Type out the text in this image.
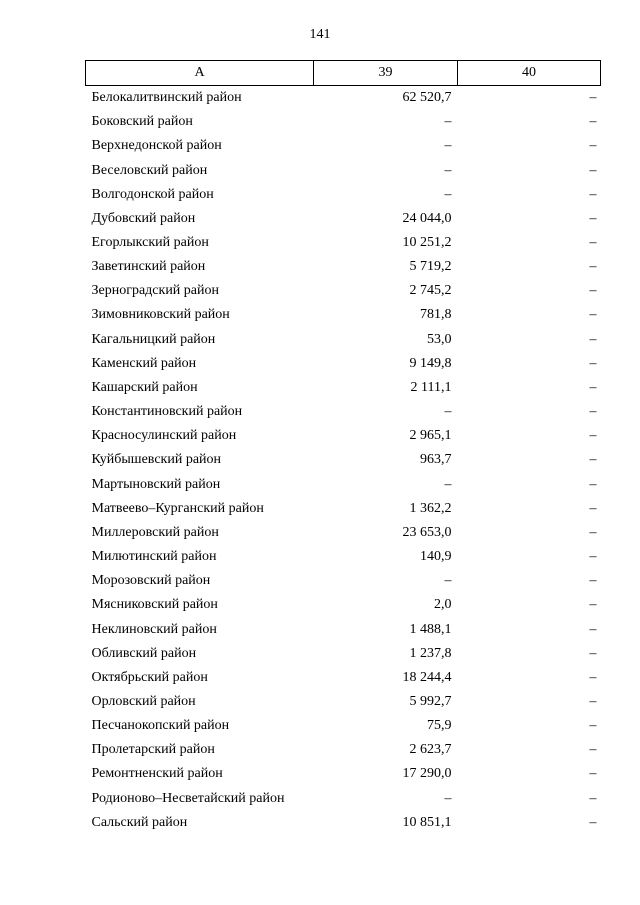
141
A	39	40
Белокалитвинский район	62 520,7	–
Боковский район	–	–
Верхнедонской район	–	–
Веселовский район	–	–
Волгодонской район	–	–
Дубовский район	24 044,0	–
Егорлыкский район	10 251,2	–
Заветинский район	5 719,2	–
Зерноградский район	2 745,2	–
Зимовниковский район	781,8	–
Кагальницкий район	53,0	–
Каменский район	9 149,8	–
Кашарский район	2 111,1	–
Константиновский район	–	–
Красносулинский район	2 965,1	–
Куйбышевский район	963,7	–
Мартыновский район	–	–
Матвеево–Курганский район	1 362,2	–
Миллеровский район	23 653,0	–
Милютинский район	140,9	–
Морозовский район	–	–
Мясниковский район	2,0	–
Неклиновский район	1 488,1	–
Обливский район	1 237,8	–
Октябрьский район	18 244,4	–
Орловский район	5 992,7	–
Песчанокопский район	75,9	–
Пролетарский район	2 623,7	–
Ремонтненский район	17 290,0	–
Родионово–Несветайский район	–	–
Сальский район	10 851,1	–
